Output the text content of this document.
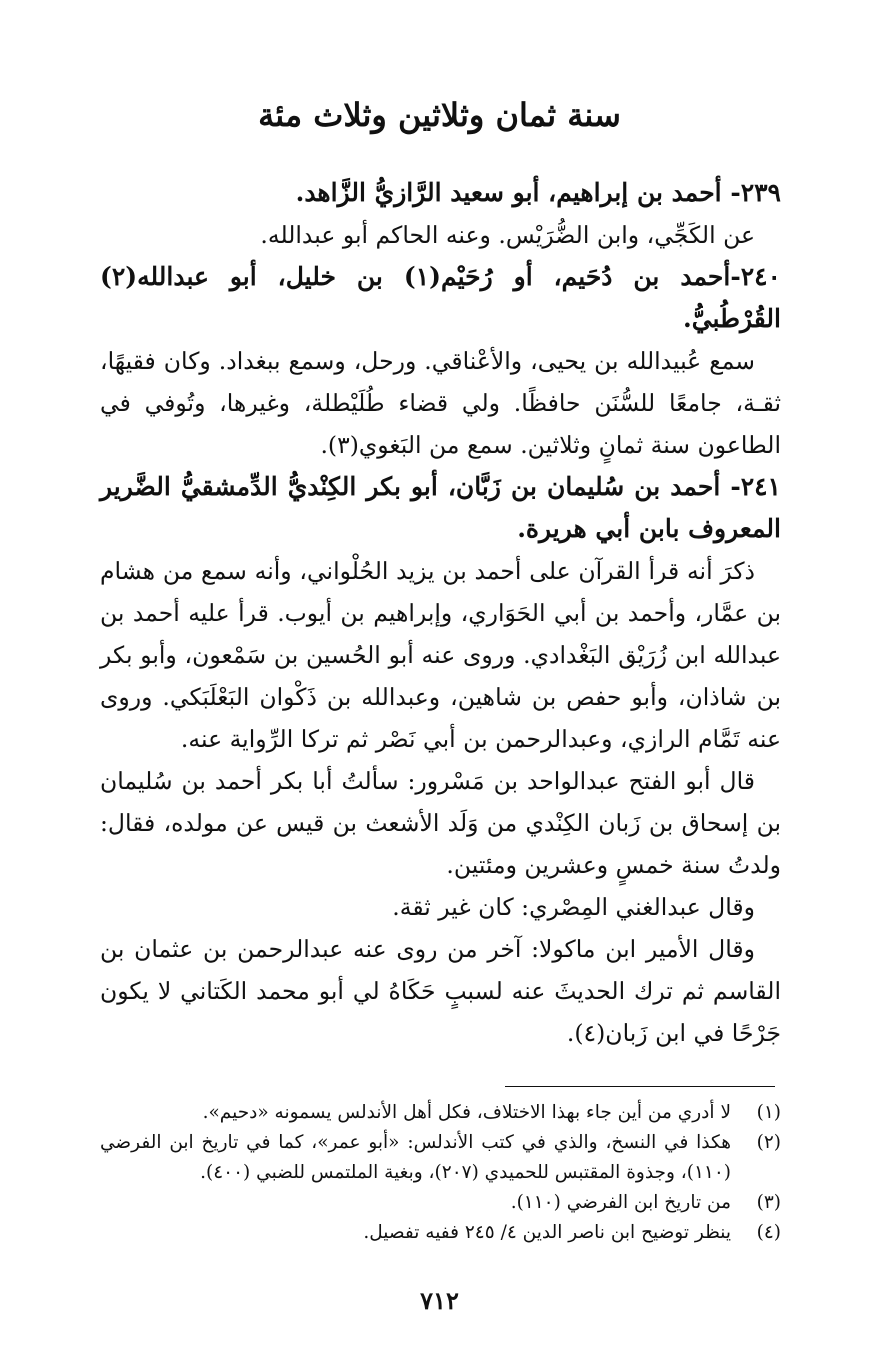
سنة ثمان وثلاثين وثلاث مئة

٢٣٩- أحمد بن إبراهيم، أبو سعيد الرَّازيُّ الزَّاهد.

عن الكَجِّي، وابن الضُّرَيْس. وعنه الحاكم أبو عبدالله.

٢٤٠-أحمد بن دُحَيم، أو رُحَيْم(١) بن خليل، أبو عبدالله(٢) القُرْطُبيُّ.

سمع عُبيدالله بن يحيى، والأعْناقي. ورحل، وسمع ببغداد. وكان فقيهًا، ثقـة، جامعًا للسُّنَن حافظًا. ولي قضاء طُلَيْطلة، وغيرها، وتُوفي في الطاعون سنة ثمانٍ وثلاثين. سمع من البَغوي(٣).

٢٤١- أحمد بن سُليمان بن زَبَّان، أبو بكر الكِنْديُّ الدِّمشقيُّ الضَّرير المعروف بابن أبي هريرة.

ذكرَ أنه قرأ القرآن على أحمد بن يزيد الحُلْواني، وأنه سمع من هشام بن عمَّار، وأحمد بن أبي الحَوَاري، وإبراهيم بن أيوب. قرأ عليه أحمد بن عبدالله ابن زُرَيْق البَغْدادي. وروى عنه أبو الحُسين بن سَمْعون، وأبو بكر بن شاذان، وأبو حفص بن شاهين، وعبدالله بن ذَكْوان البَعْلَبَكي. وروى عنه تَمَّام الرازي، وعبدالرحمن بن أبي نَصْر ثم تركا الرِّواية عنه.

قال أبو الفتح عبدالواحد بن مَسْرور: سألتُ أبا بكر أحمد بن سُليمان بن إسحاق بن زَبان الكِنْدي من وَلَد الأشعث بن قيس عن مولده، فقال: ولدتُ سنة خمسٍ وعشرين ومئتين.

وقال عبدالغني المِصْري: كان غير ثقة.

وقال الأمير ابن ماكولا: آخر من روى عنه عبدالرحمن بن عثمان بن القاسم ثم ترك الحديثَ عنه لسببٍ حَكَاهُ لي أبو محمد الكَتاني لا يكون جَرْحًا في ابن زَبان(٤).

(١)
لا أدري من أين جاء بهذا الاختلاف، فكل أهل الأندلس يسمونه «دحيم».

(٢)
هكذا في النسخ، والذي في كتب الأندلس: «أبو عمر»، كما في تاريخ ابن الفرضي (١١٠)، وجذوة المقتبس للحميدي (٢٠٧)، وبغية الملتمس للضبي (٤٠٠).

(٣)
من تاريخ ابن الفرضي (١١٠).

(٤)
ينظر توضيح ابن ناصر الدين ٤/ ٢٤٥ ففيه تفصيل.

٧١٢
